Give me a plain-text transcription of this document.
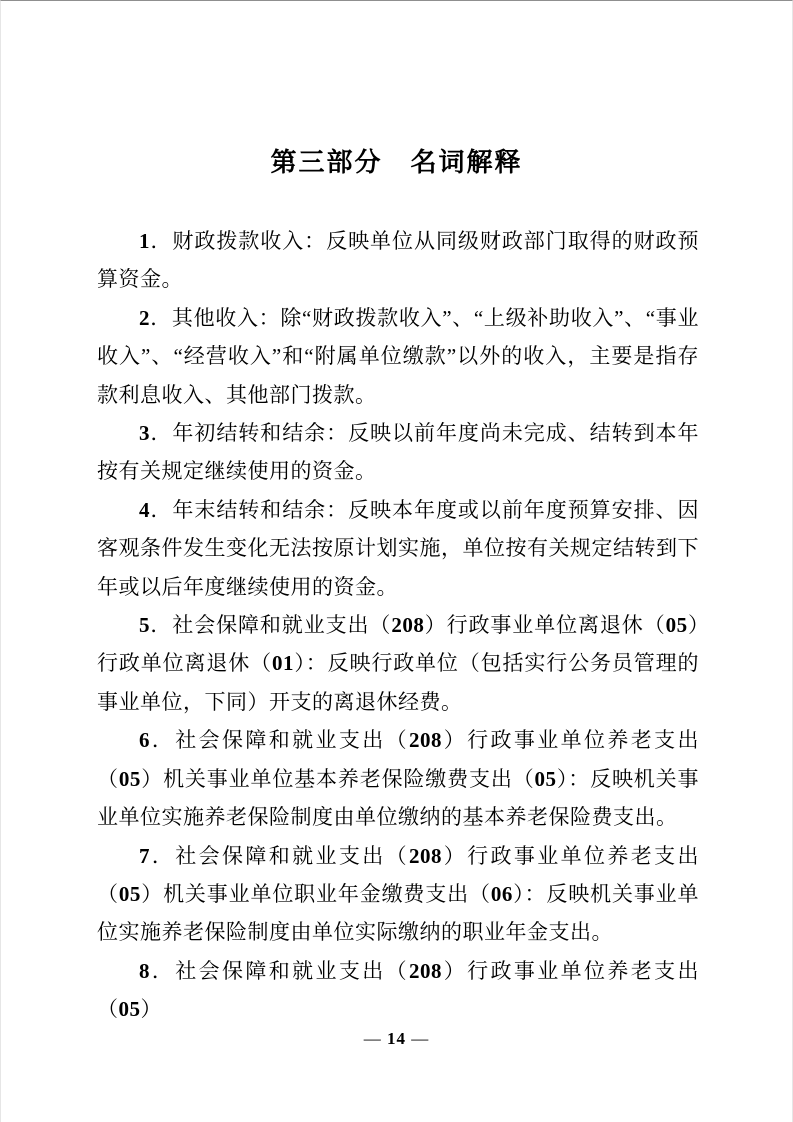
第三部分　名词解释

1．财政拨款收入：反映单位从同级财政部门取得的财政预算资金。

2．其他收入：除“财政拨款收入”、“上级补助收入”、“事业收入”、“经营收入”和“附属单位缴款”以外的收入，主要是指存款利息收入、其他部门拨款。

3．年初结转和结余：反映以前年度尚未完成、结转到本年按有关规定继续使用的资金。

4．年末结转和结余：反映本年度或以前年度预算安排、因客观条件发生变化无法按原计划实施，单位按有关规定结转到下年或以后年度继续使用的资金。

5．社会保障和就业支出（208）行政事业单位离退休（05）行政单位离退休（01）：反映行政单位（包括实行公务员管理的事业单位，下同）开支的离退休经费。

6．社会保障和就业支出（208）行政事业单位养老支出（05）机关事业单位基本养老保险缴费支出（05）：反映机关事业单位实施养老保险制度由单位缴纳的基本养老保险费支出。

7．社会保障和就业支出（208）行政事业单位养老支出（05）机关事业单位职业年金缴费支出（06）：反映机关事业单位实施养老保险制度由单位实际缴纳的职业年金支出。

8．社会保障和就业支出（208）行政事业单位养老支出（05）

— 14 —
